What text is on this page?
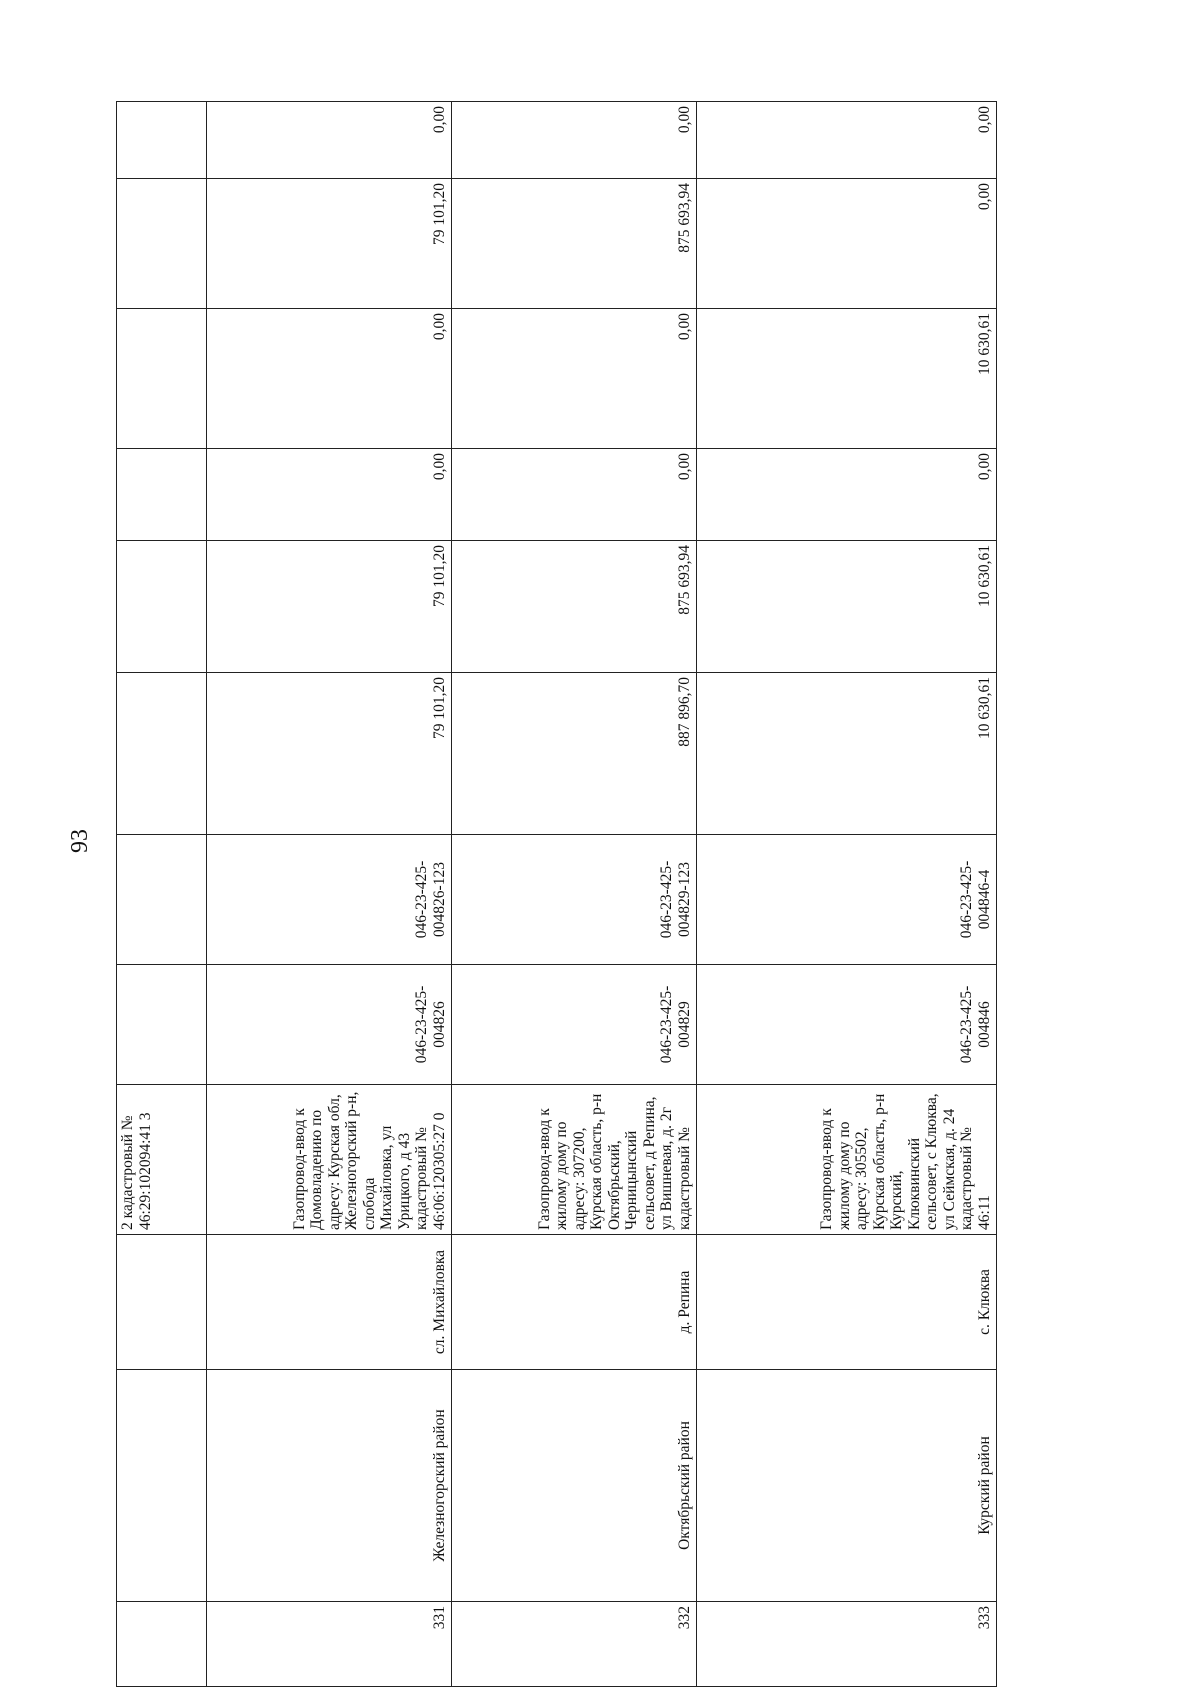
93
			2 кадастровый № 46:29:102094:41 3								
331	Железногорский район	сл. Михайловка	Газопровод-ввод к Домовладению по адресу: Курская обл, Железногорский р-н, слобода Михайловка, ул Урицкого, д 43 кадастровый № 46:06:120305:27 0	046-23-425-004826	046-23-425-004826-123	79 101,20	79 101,20	0,00	0,00	79 101,20	0,00
332	Октябрьский район	д. Репина	Газопровод-ввод к жилому дому по адресу: 307200, Курская область, р-н Октябрьский, Черницынский сельсовет, д Репина, ул Вишневая, д. 2г кадастровый №	046-23-425-004829	046-23-425-004829-123	887 896,70	875 693,94	0,00	0,00	875 693,94	0,00
333	Курский район	с. Клюква	Газопровод-ввод к жилому дому по адресу: 305502, Курская область, р-н Курский, Клюквинский сельсовет, с Клюква, ул Сеймская, д. 24 кадастровый № 46:11	046-23-425-004846	046-23-425-004846-4	10 630,61	10 630,61	0,00	10 630,61	0,00	0,00
